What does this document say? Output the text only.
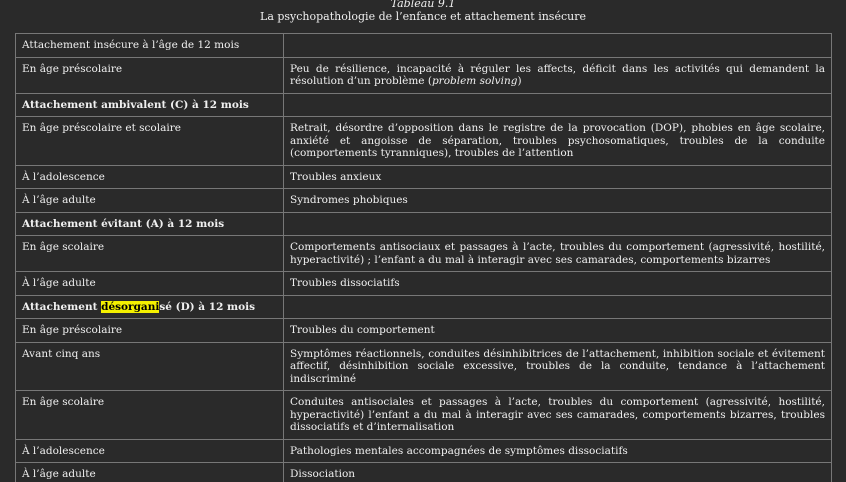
Tableau 9.1
La psychopathologie de l’enfance et attachement insécure
Attachement insécure à l’âge de 12 mois	
En âge préscolaire	Peu de résilience, incapacité à réguler les affects, déficit dans les activités qui demandent la résolution d’un problème (problem solving)
Attachement ambivalent (C) à 12 mois	
En âge préscolaire et scolaire	Retrait, désordre d’opposition dans le registre de la provocation (DOP), phobies en âge scolaire, anxiété et angoisse de séparation, troubles psychosomatiques, troubles de la conduite (comportements tyranniques), troubles de l’attention
À l’adolescence	Troubles anxieux
À l’âge adulte	Syndromes phobiques
Attachement évitant (A) à 12 mois	
En âge scolaire	Comportements antisociaux et passages à l’acte, troubles du comportement (agressivité, hostilité, hyperactivité) ; l’enfant a du mal à interagir avec ses camarades, comportements bizarres
À l’âge adulte	Troubles dissociatifs
Attachement désorganisé (D) à 12 mois	
En âge préscolaire	Troubles du comportement
Avant cinq ans	Symptômes réactionnels, conduites désinhibitrices de l’attachement, inhibition sociale et évitement affectif, désinhibition sociale excessive, troubles de la conduite, tendance à l’attachement indiscriminé
En âge scolaire	Conduites antisociales et passages à l’acte, troubles du comportement (agressivité, hostilité, hyperactivité) l’enfant a du mal à interagir avec ses camarades, comportements bizarres, troubles dissociatifs et d’internalisation
À l’adolescence	Pathologies mentales accompagnées de symptômes dissociatifs
À l’âge adulte	Dissociation
